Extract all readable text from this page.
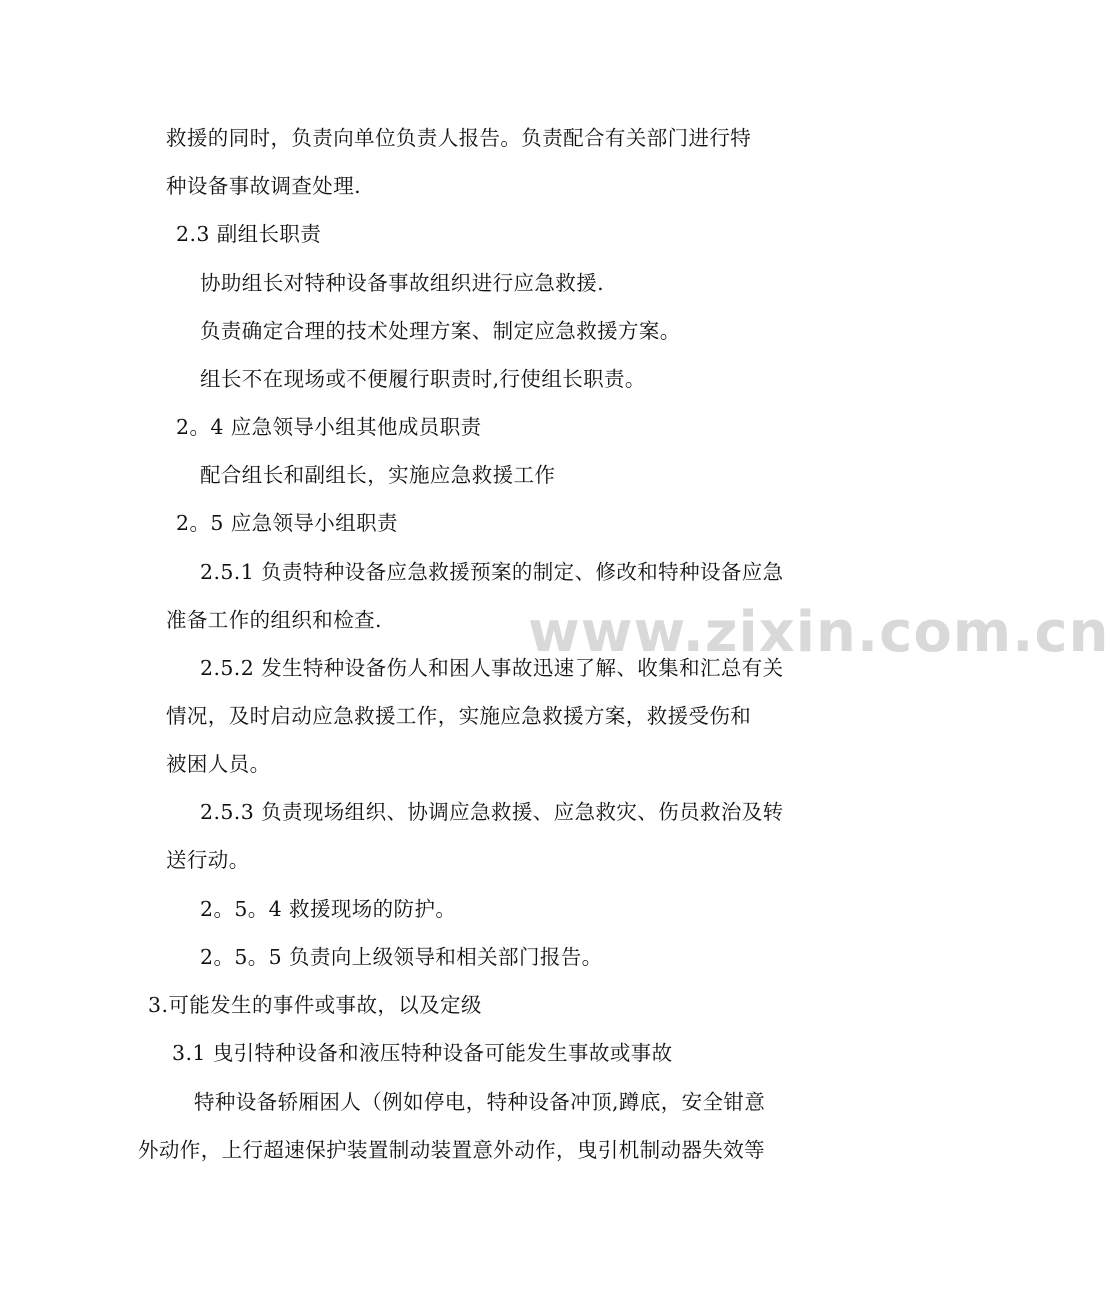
www.zixin.com.cn
救援的同时，负责向单位负责人报告。负责配合有关部门进行特
种设备事故调查处理.
2.3 副组长职责
协助组长对特种设备事故组织进行应急救援.
负责确定合理的技术处理方案、制定应急救援方案。
组长不在现场或不便履行职责时,行使组长职责。
2。4 应急领导小组其他成员职责
配合组长和副组长，实施应急救援工作
2。5 应急领导小组职责
2.5.1 负责特种设备应急救援预案的制定、修改和特种设备应急
准备工作的组织和检查.
2.5.2 发生特种设备伤人和困人事故迅速了解、收集和汇总有关
情况，及时启动应急救援工作，实施应急救援方案，救援受伤和
被困人员。
2.5.3 负责现场组织、协调应急救援、应急救灾、伤员救治及转
送行动。
2。5。4 救援现场的防护。
2。5。5 负责向上级领导和相关部门报告。
3.可能发生的事件或事故，以及定级
3.1 曳引特种设备和液压特种设备可能发生事故或事故
特种设备轿厢困人（例如停电，特种设备冲顶,蹲底，安全钳意
外动作，上行超速保护装置制动装置意外动作，曳引机制动器失效等
